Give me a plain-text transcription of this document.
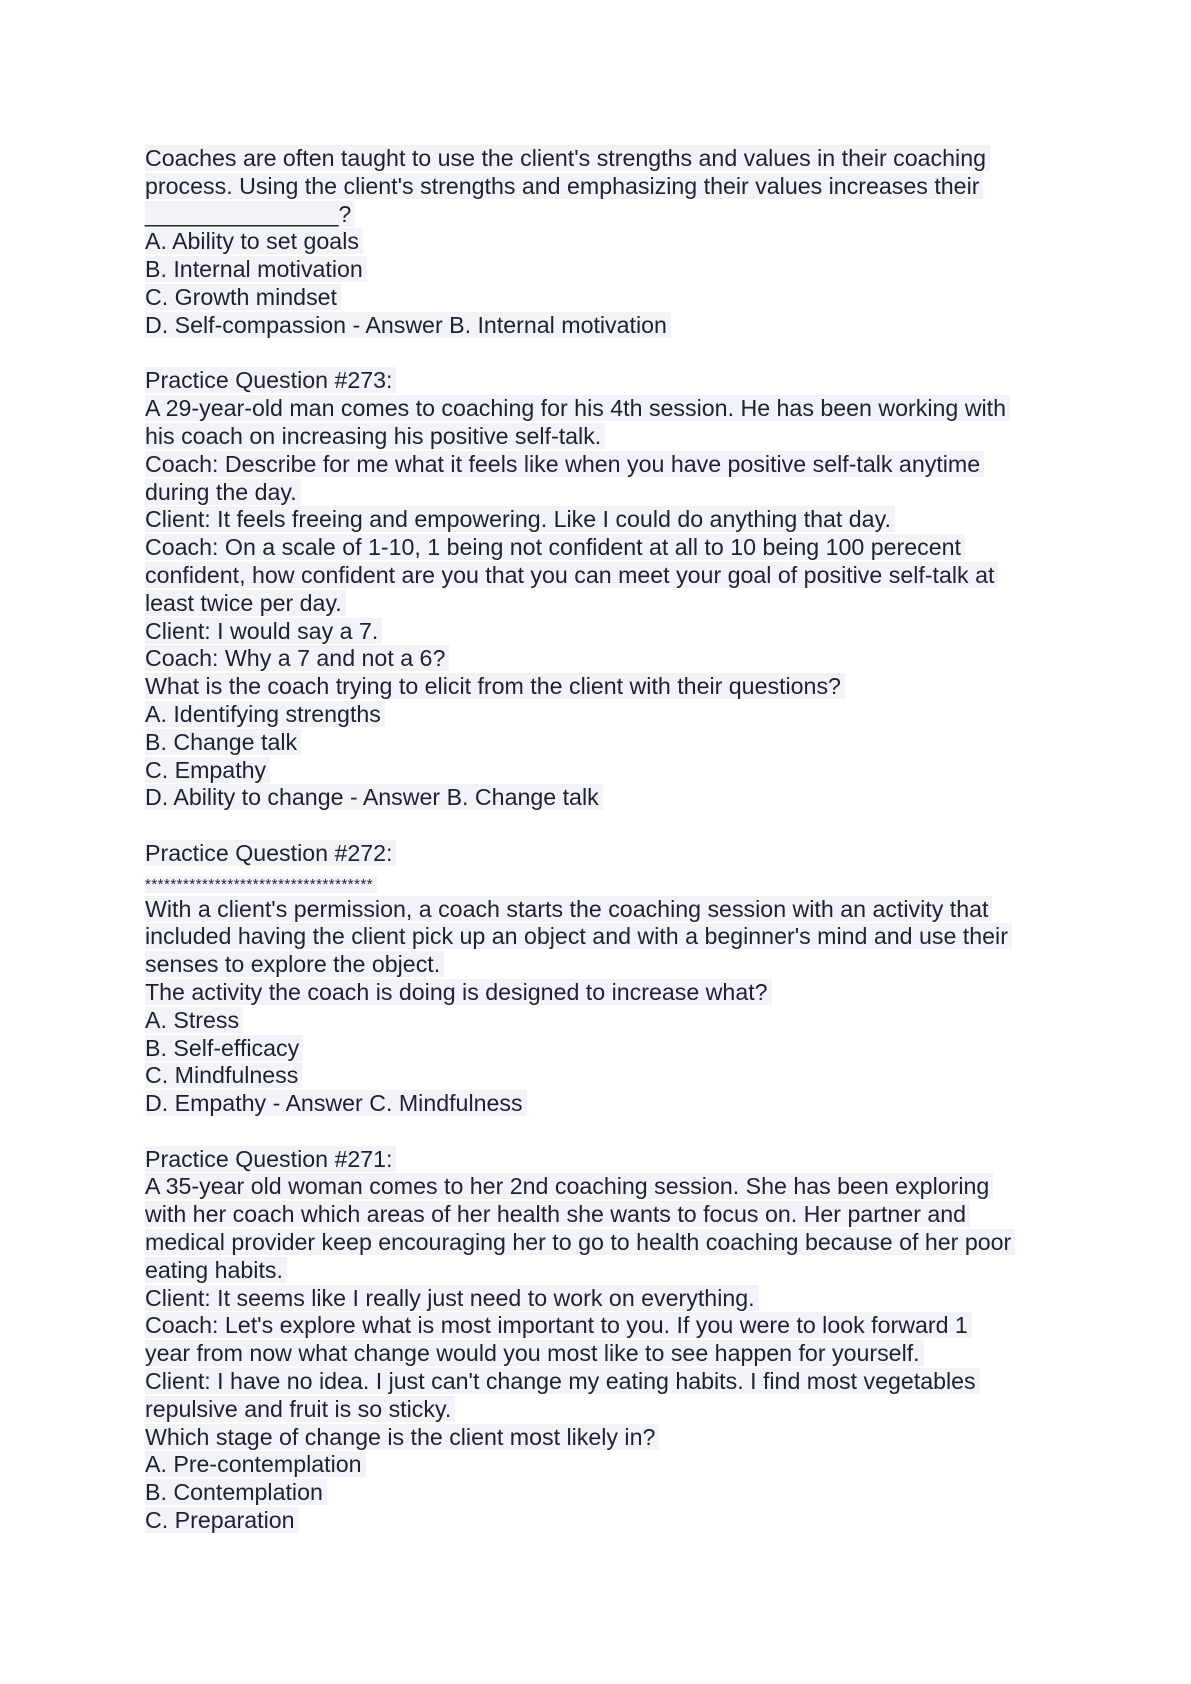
Coaches are often taught to use the client's strengths and values in their coaching
process. Using the client's strengths and emphasizing their values increases their
_______________?
A. Ability to set goals
B. Internal motivation
C. Growth mindset
D. Self-compassion - Answer B. Internal motivation
Practice Question #273:
A 29-year-old man comes to coaching for his 4th session. He has been working with
his coach on increasing his positive self-talk.
Coach: Describe for me what it feels like when you have positive self-talk anytime
during the day.
Client: It feels freeing and empowering. Like I could do anything that day.
Coach: On a scale of 1-10, 1 being not confident at all to 10 being 100 perecent
confident, how confident are you that you can meet your goal of positive self-talk at
least twice per day.
Client: I would say a 7.
Coach: Why a 7 and not a 6?
What is the coach trying to elicit from the client with their questions?
A. Identifying strengths
B. Change talk
C. Empathy
D. Ability to change - Answer B. Change talk
Practice Question #272:
************************************
With a client's permission, a coach starts the coaching session with an activity that
included having the client pick up an object and with a beginner's mind and use their
senses to explore the object.
The activity the coach is doing is designed to increase what?
A. Stress
B. Self-efficacy
C. Mindfulness
D. Empathy - Answer C. Mindfulness
Practice Question #271:
A 35-year old woman comes to her 2nd coaching session. She has been exploring
with her coach which areas of her health she wants to focus on. Her partner and
medical provider keep encouraging her to go to health coaching because of her poor
eating habits.
Client: It seems like I really just need to work on everything.
Coach: Let's explore what is most important to you. If you were to look forward 1
year from now what change would you most like to see happen for yourself.
Client: I have no idea. I just can't change my eating habits. I find most vegetables
repulsive and fruit is so sticky.
Which stage of change is the client most likely in?
A. Pre-contemplation
B. Contemplation
C. Preparation
